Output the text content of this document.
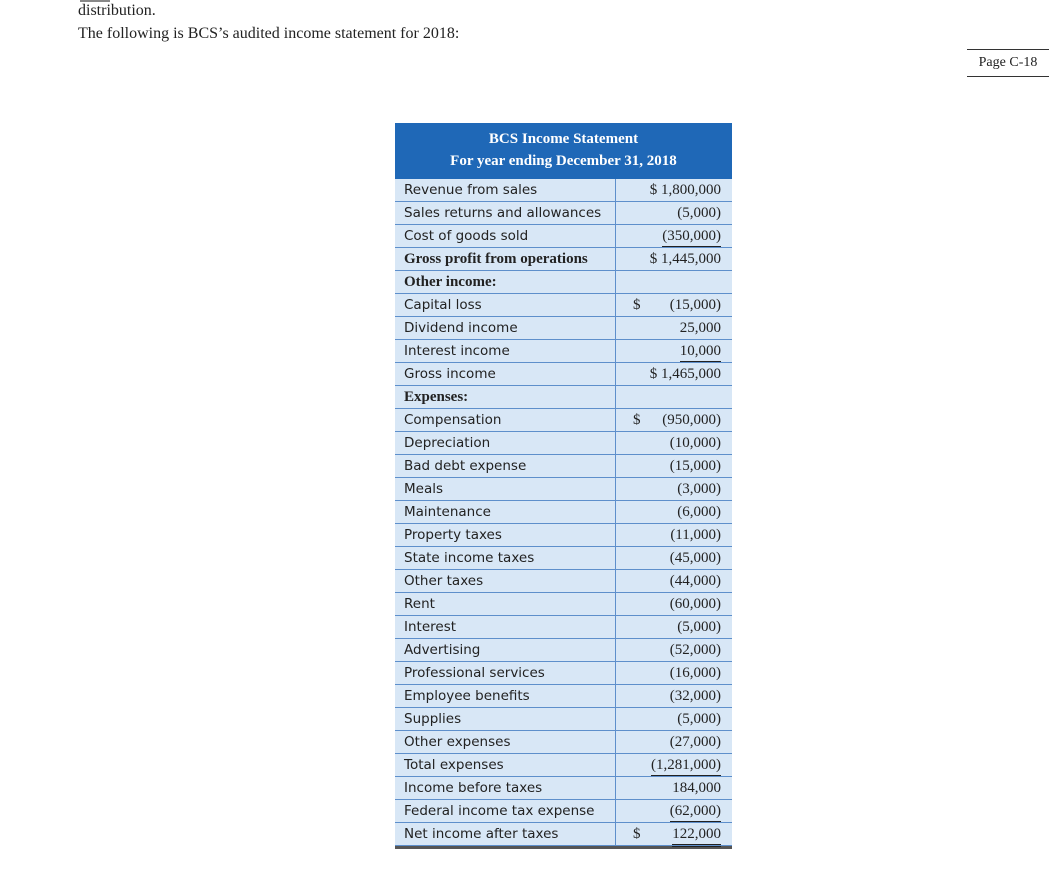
distribution.
The following is BCS’s audited income statement for 2018:
Page C-18
BCS Income Statement
For year ending December 31, 2018
Revenue from sales	$ 1,800,000
Sales returns and allowances	(5,000)
Cost of goods sold	(350,000)
Gross profit from operations	$ 1,445,000
Other income:
Capital loss	$ (15,000)
Dividend income	25,000
Interest income	10,000
Gross income	$ 1,465,000
Expenses:
Compensation	$ (950,000)
Depreciation	(10,000)
Bad debt expense	(15,000)
Meals	(3,000)
Maintenance	(6,000)
Property taxes	(11,000)
State income taxes	(45,000)
Other taxes	(44,000)
Rent	(60,000)
Interest	(5,000)
Advertising	(52,000)
Professional services	(16,000)
Employee benefits	(32,000)
Supplies	(5,000)
Other expenses	(27,000)
Total expenses	(1,281,000)
Income before taxes	184,000
Federal income tax expense	(62,000)
Net income after taxes	$ 122,000
